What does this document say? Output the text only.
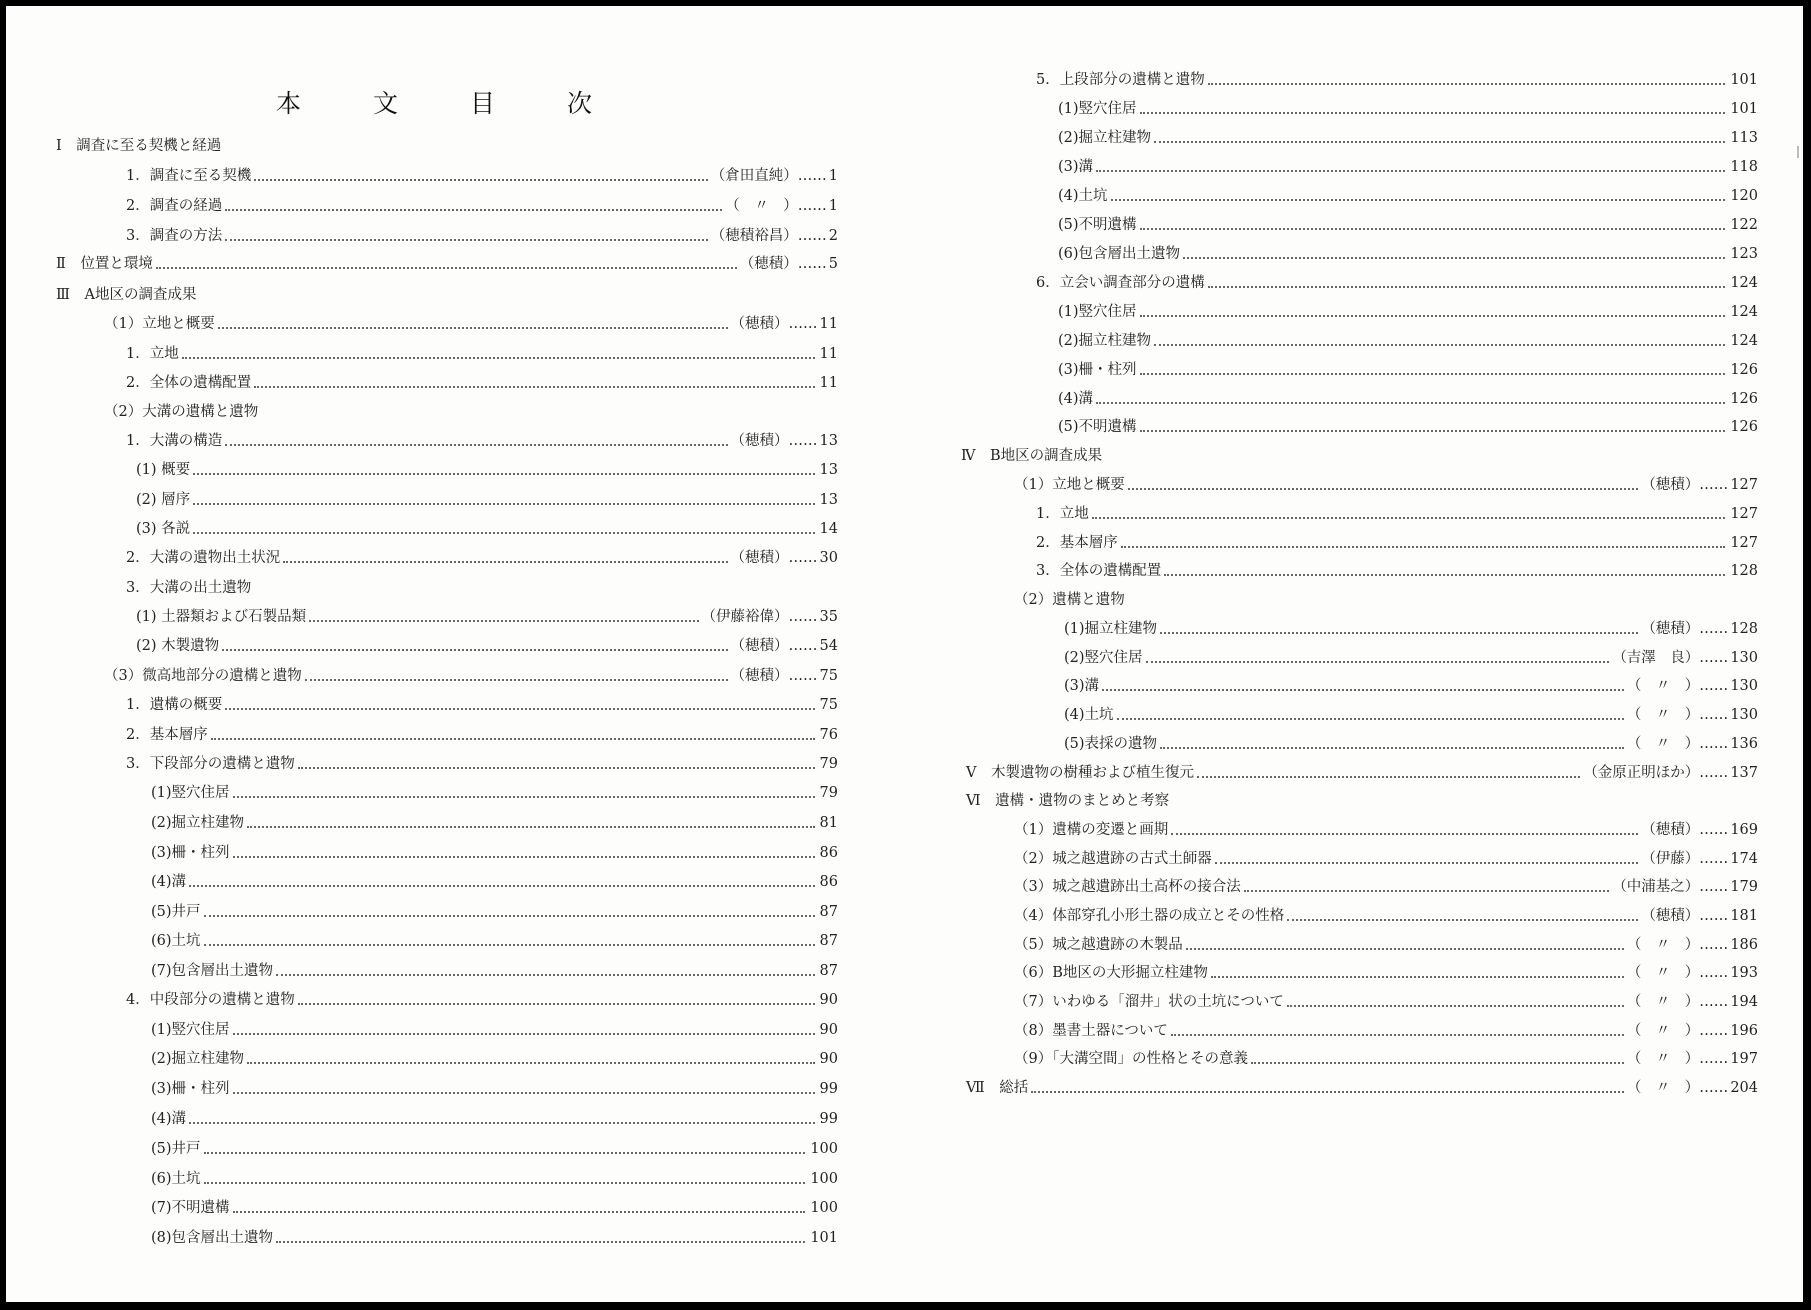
本	文	目	次
Ⅰ　調査に至る契機と経過
1．調査に至る契機	（倉田直純）…… 1
2．調査の経過	（　〃　）…… 1
3．調査の方法	（穂積裕昌）…… 2
Ⅱ　位置と環境	（穂積）…… 5
Ⅲ　A地区の調査成果
（1）立地と概要	（穂積）…… 11
1．立地	11
2．全体の遺構配置	11
（2）大溝の遺構と遺物
1．大溝の構造	（穂積）…… 13
(1) 概要	13
(2) 層序	13
(3) 各説	14
2．大溝の遺物出土状況	（穂積）…… 30
3．大溝の出土遺物
(1) 土器類および石製品類	（伊藤裕偉）…… 35
(2) 木製遺物	（穂積）…… 54
（3）微高地部分の遺構と遺物	（穂積）…… 75
1．遺構の概要	75
2．基本層序	76
3．下段部分の遺構と遺物	79
(1)竪穴住居	79
(2)掘立柱建物	81
(3)柵・柱列	86
(4)溝	86
(5)井戸	87
(6)土坑	87
(7)包含層出土遺物	87
4．中段部分の遺構と遺物	90
(1)竪穴住居	90
(2)掘立柱建物	90
(3)柵・柱列	99
(4)溝	99
(5)井戸	100
(6)土坑	100
(7)不明遺構	100
(8)包含層出土遺物	101
5．上段部分の遺構と遺物	101
(1)竪穴住居	101
(2)掘立柱建物	113
(3)溝	118
(4)土坑	120
(5)不明遺構	122
(6)包含層出土遺物	123
6．立会い調査部分の遺構	124
(1)竪穴住居	124
(2)掘立柱建物	124
(3)柵・柱列	126
(4)溝	126
(5)不明遺構	126
Ⅳ　B地区の調査成果
（1）立地と概要	（穂積）…… 127
1．立地	127
2．基本層序	127
3．全体の遺構配置	128
（2）遺構と遺物
(1)掘立柱建物	（穂積）…… 128
(2)竪穴住居	（吉澤　良）…… 130
(3)溝	（　〃　）…… 130
(4)土坑	（　〃　）…… 130
(5)表採の遺物	（　〃　）…… 136
Ⅴ　木製遺物の樹種および植生復元	（金原正明ほか）…… 137
Ⅵ　遺構・遺物のまとめと考察
（1）遺構の変遷と画期	（穂積）…… 169
（2）城之越遺跡の古式土師器	（伊藤）…… 174
（3）城之越遺跡出土高杯の接合法	（中浦基之）…… 179
（4）体部穿孔小形土器の成立とその性格	（穂積）…… 181
（5）城之越遺跡の木製品	（　〃　）…… 186
（6）B地区の大形掘立柱建物	（　〃　）…… 193
（7）いわゆる「溜井」状の土坑について	（　〃　）…… 194
（8）墨書土器について	（　〃　）…… 196
（9）「大溝空間」の性格とその意義	（　〃　）…… 197
Ⅶ　総括	（　〃　）…… 204
